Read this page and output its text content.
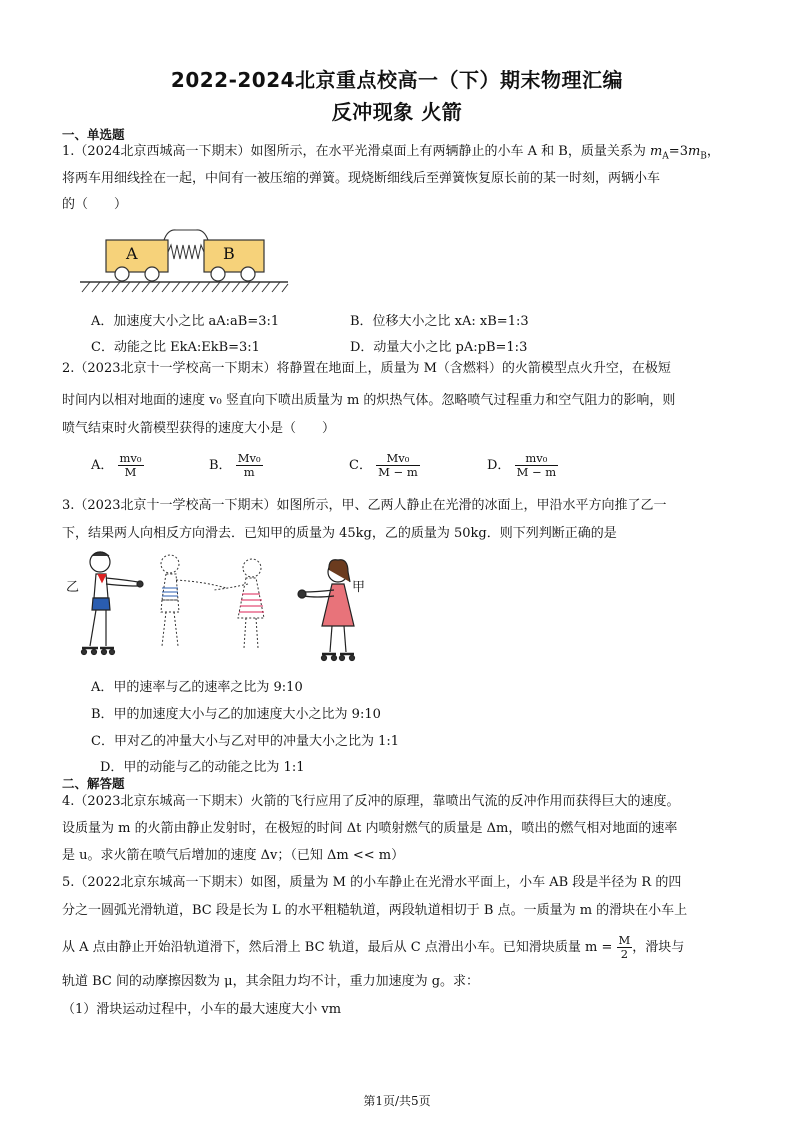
2022-2024北京重点校高一（下）期末物理汇编
反冲现象 火箭
一、单选题
1.（2024北京西城高一下期末）如图所示，在水平光滑桌面上有两辆静止的小车 A 和 B，质量关系为 $m_A=3m_B$，
将两车用细线拴在一起，中间有一被压缩的弹簧。现烧断细线后至弹簧恢复原长前的某一时刻，两辆小车
的（　　）
A	B
A．加速度大小之比 aA:aB=3:1	B．位移大小之比 xA: xB=1:3
C．动能之比 EkA:EkB=3:1	D．动量大小之比 pA:pB=1:3
2.（2023北京十一学校高一下期末）将静置在地面上，质量为 M（含燃料）的火箭模型点火升空，在极短
时间内以相对地面的速度 v₀ 竖直向下喷出质量为 m 的炽热气体。忽略喷气过程重力和空气阻力的影响，则
喷气结束时火箭模型获得的速度大小是（　　）
A． $\frac{\text{mv₀}}{M}$	B． $\frac{\text{Mv₀}}{m}$	C． $\frac{\text{Mv₀}}{M - m}$	D． $\frac{\text{mv₀}}{M - m}$
3.（2023北京十一学校高一下期末）如图所示，甲、乙两人静止在光滑的冰面上，甲沿水平方向推了乙一
下，结果两人向相反方向滑去．已知甲的质量为 45kg，乙的质量为 50kg．则下列判断正确的是
乙	甲
A．甲的速率与乙的速率之比为 9:10
B．甲的加速度大小与乙的加速度大小之比为 9:10
C．甲对乙的冲量大小与乙对甲的冲量大小之比为 1:1
D．甲的动能与乙的动能之比为 1:1
二、解答题
4.（2023北京东城高一下期末）火箭的飞行应用了反冲的原理，靠喷出气流的反冲作用而获得巨大的速度。
设质量为 m 的火箭由静止发射时，在极短的时间 Δt 内喷射燃气的质量是 Δm，喷出的燃气相对地面的速率
是 u。求火箭在喷气后增加的速度 Δv；（已知 Δm << m）
5.（2022北京东城高一下期末）如图，质量为 M 的小车静止在光滑水平面上，小车 AB 段是半径为 R 的四
分之一圆弧光滑轨道，BC 段是长为 L 的水平粗糙轨道，两段轨道相切于 B 点。一质量为 m 的滑块在小车上
从 A 点由静止开始沿轨道滑下，然后滑上 BC 轨道，最后从 C 点滑出小车。已知滑块质量 $m = \frac{M}{2}$ ，滑块与
轨道 BC 间的动摩擦因数为 μ，其余阻力均不计，重力加速度为 g。求：
（1）滑块运动过程中，小车的最大速度大小 vm
第1页/共5页
